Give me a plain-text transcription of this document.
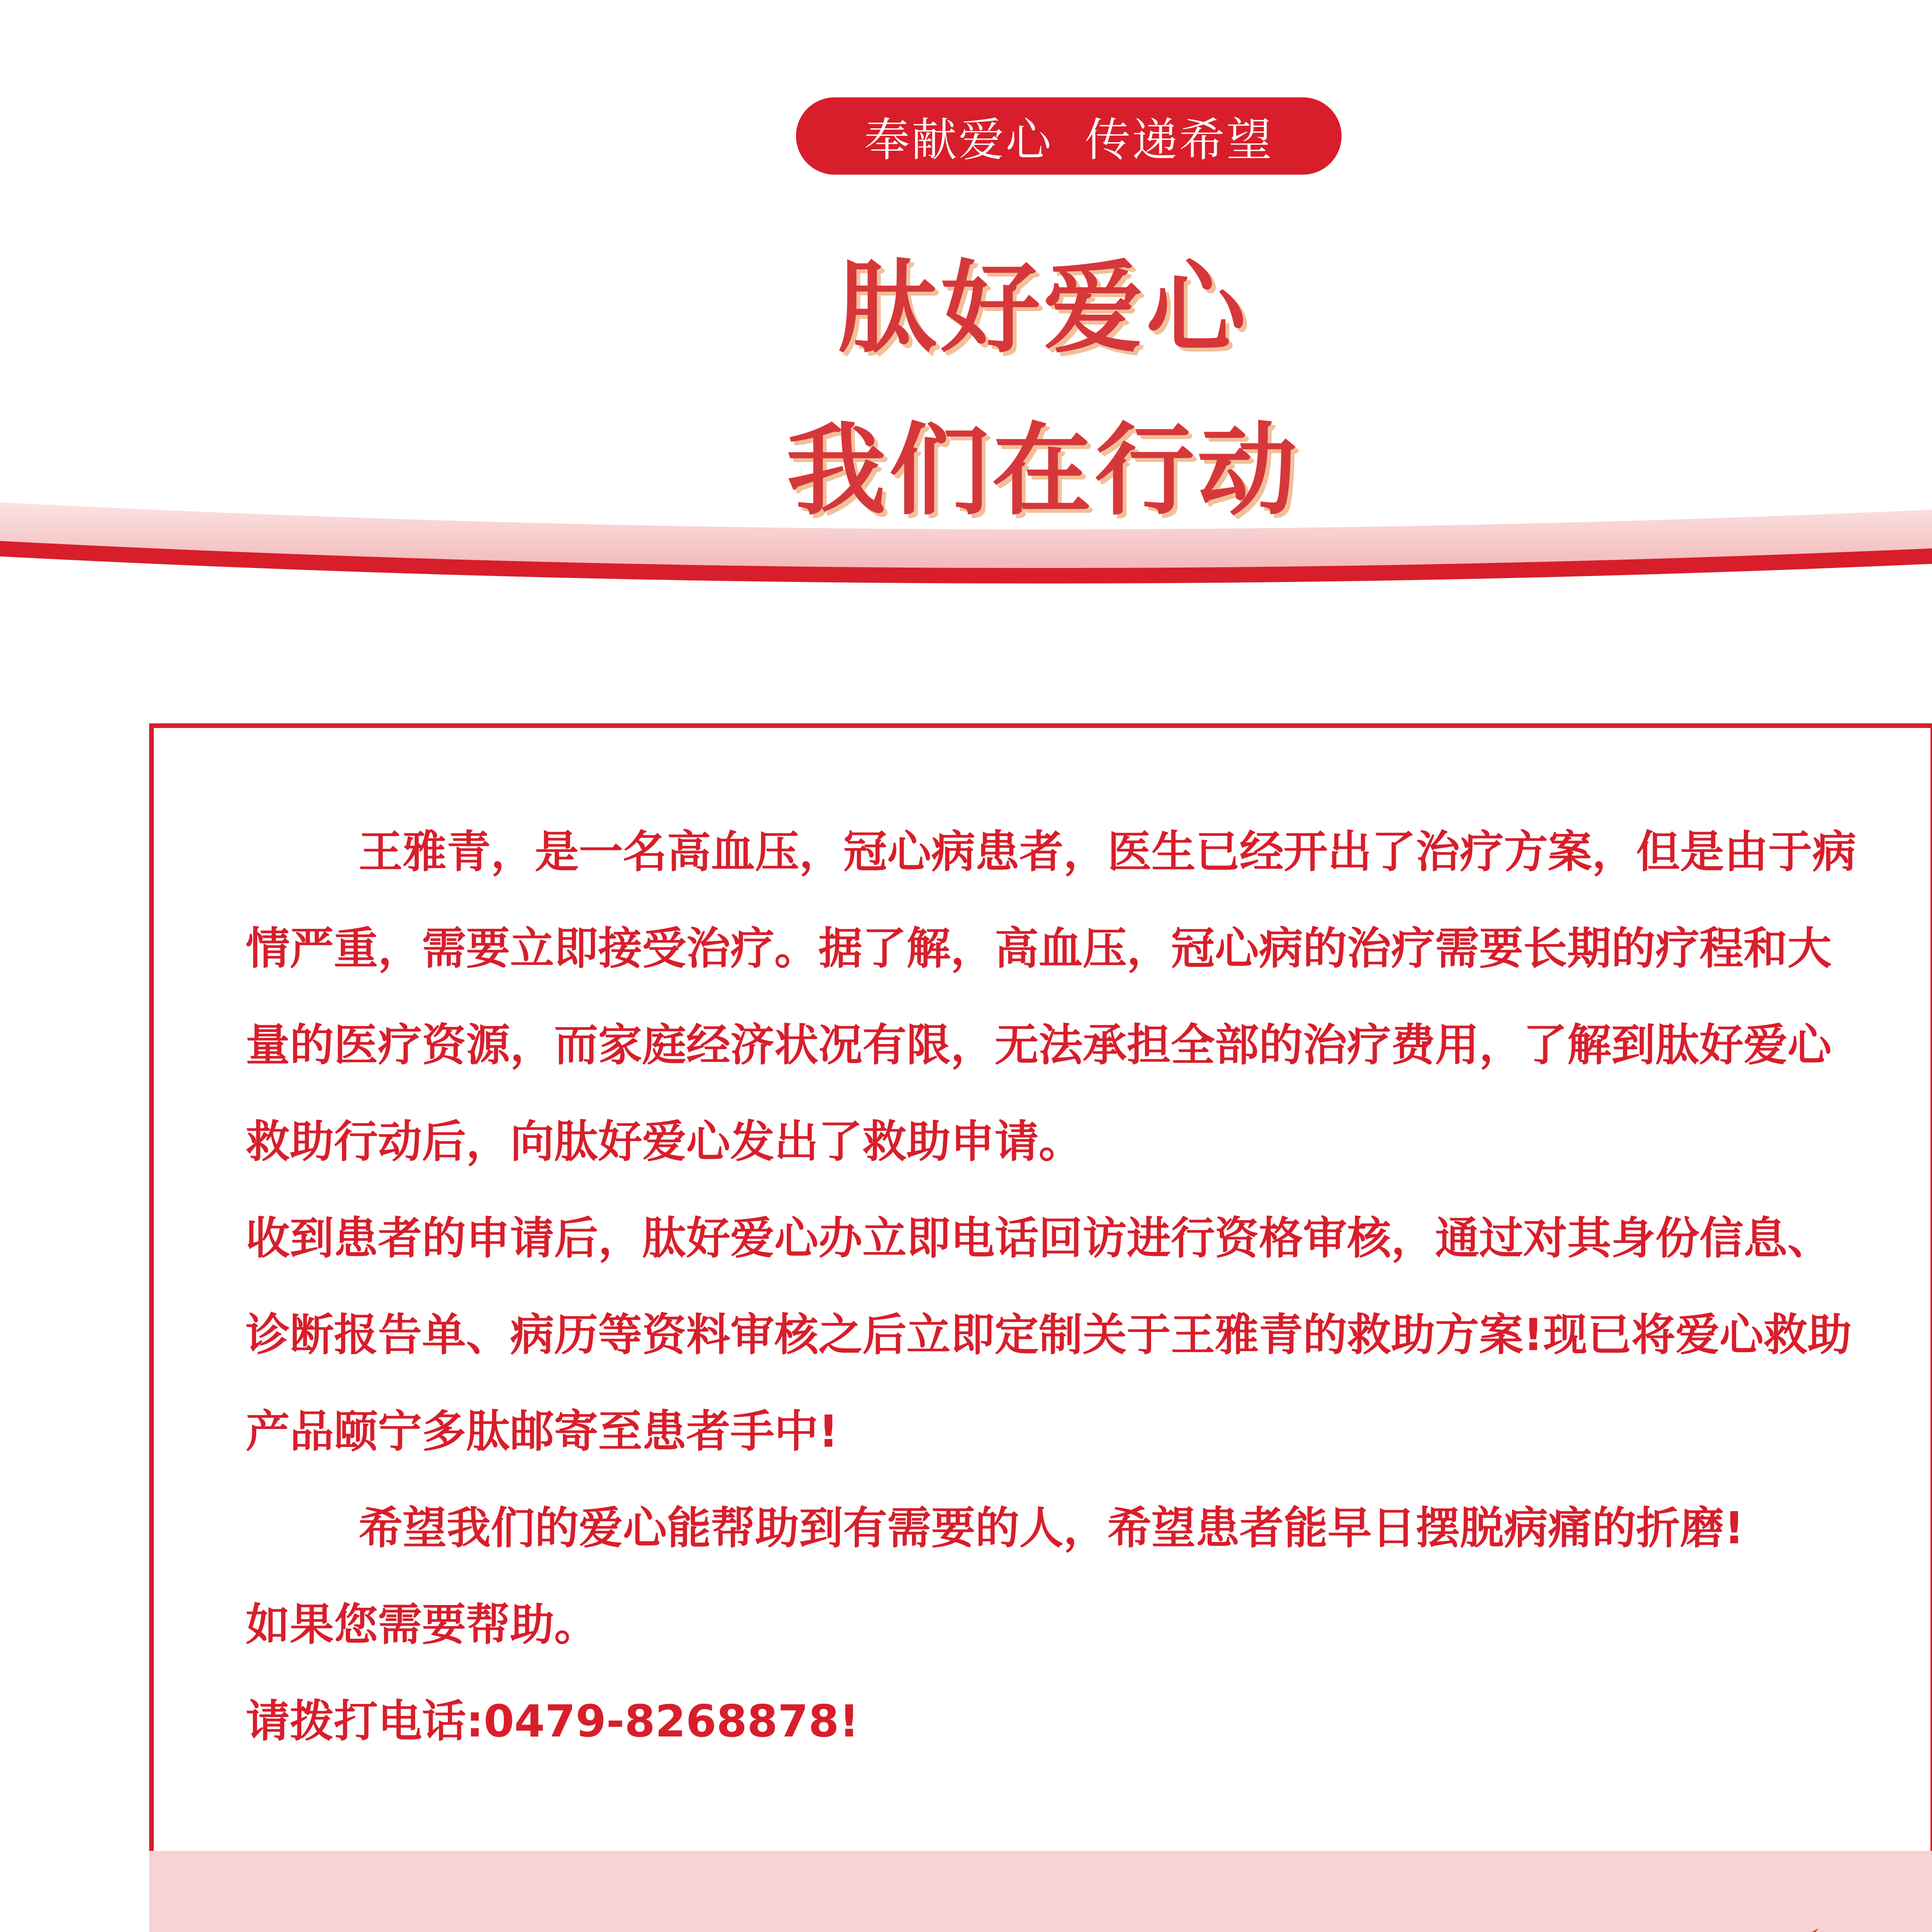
奉献爱心  传递希望
肽好爱心
我们在行动

王雅青，是一名高血压，冠心病患者，医生已经开出了治疗方案，但是由于病情严重，需要立即接受治疗。据了解，高血压，冠心病的治疗需要长期的疗程和大量的医疗资源，而家庭经济状况有限，无法承担全部的治疗费用，了解到肽好爱心救助行动后，向肽好爱心发出了救助申请。

收到患者的申请后，肽好爱心办立即电话回访进行资格审核，通过对其身份信息、诊断报告单、病历等资料审核之后立即定制关于王雅青的救助方案!现已将爱心救助产品颐宁多肽邮寄至患者手中!

希望我们的爱心能帮助到有需要的人，希望患者能早日摆脱病痛的折磨!

如果您需要帮助。

请拨打电话:0479-8268878!
